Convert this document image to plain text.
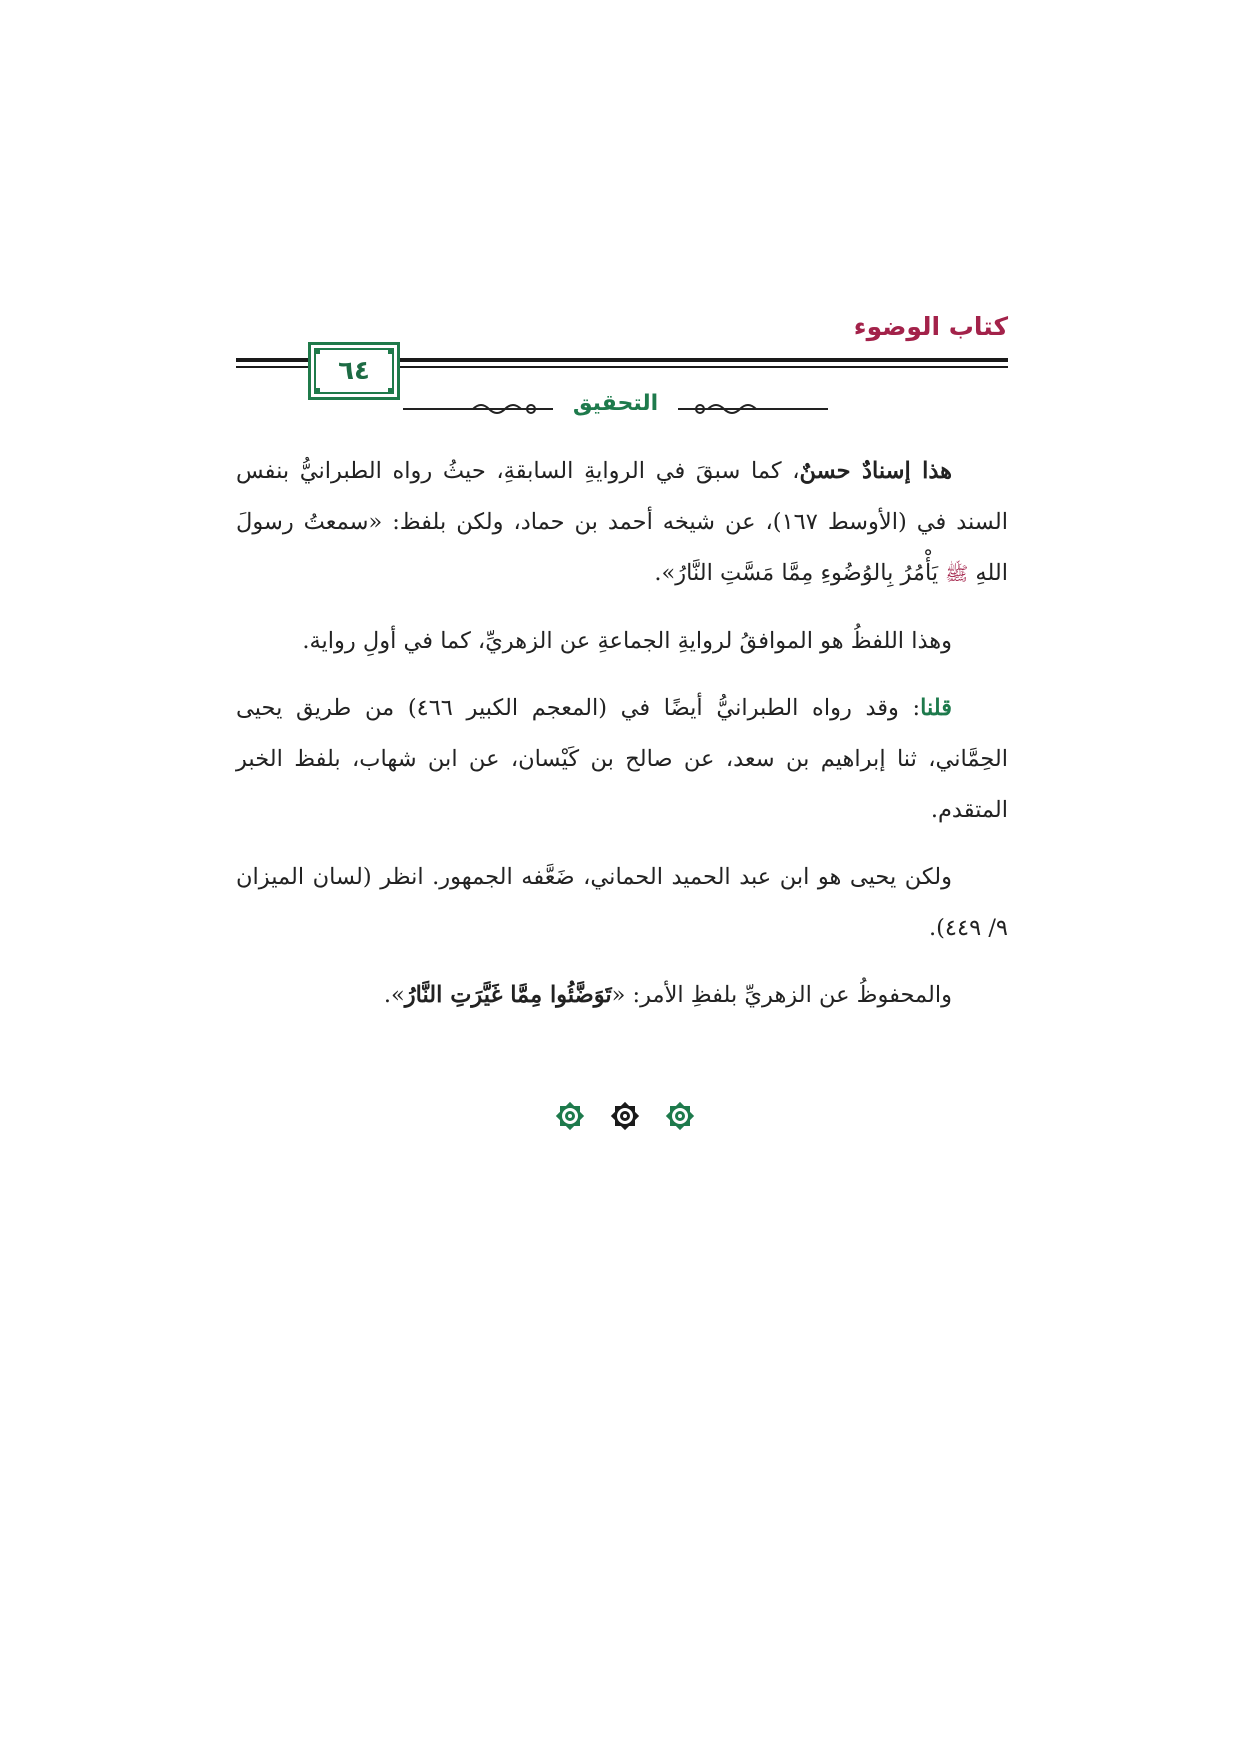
كتاب الوضوء
٦٤
التحقيق

هذا إسنادٌ حسنٌ، كما سبقَ في الروايةِ السابقةِ، حيثُ رواه الطبرانيُّ بنفس السند في (الأوسط ١٦٧)، عن شيخه أحمد بن حماد، ولكن بلفظ: «سمعتُ رسولَ اللهِ ﷺ يَأْمُرُ بِالوُضُوءِ مِمَّا مَسَّتِ النَّارُ».

وهذا اللفظُ هو الموافقُ لروايةِ الجماعةِ عن الزهريِّ، كما في أولِ رواية.

قلنا: وقد رواه الطبرانيُّ أيضًا في (المعجم الكبير ٤٦٦) من طريق يحيى الحِمَّاني، ثنا إبراهيم بن سعد، عن صالح بن كَيْسان، عن ابن شهاب، بلفظ الخبر المتقدم.

ولكن يحيى هو ابن عبد الحميد الحماني، ضَعَّفه الجمهور. انظر (لسان الميزان ٩/ ٤٤٩).

والمحفوظُ عن الزهريِّ بلفظِ الأمر: «تَوَضَّئُوا مِمَّا غَيَّرَتِ النَّارُ».
